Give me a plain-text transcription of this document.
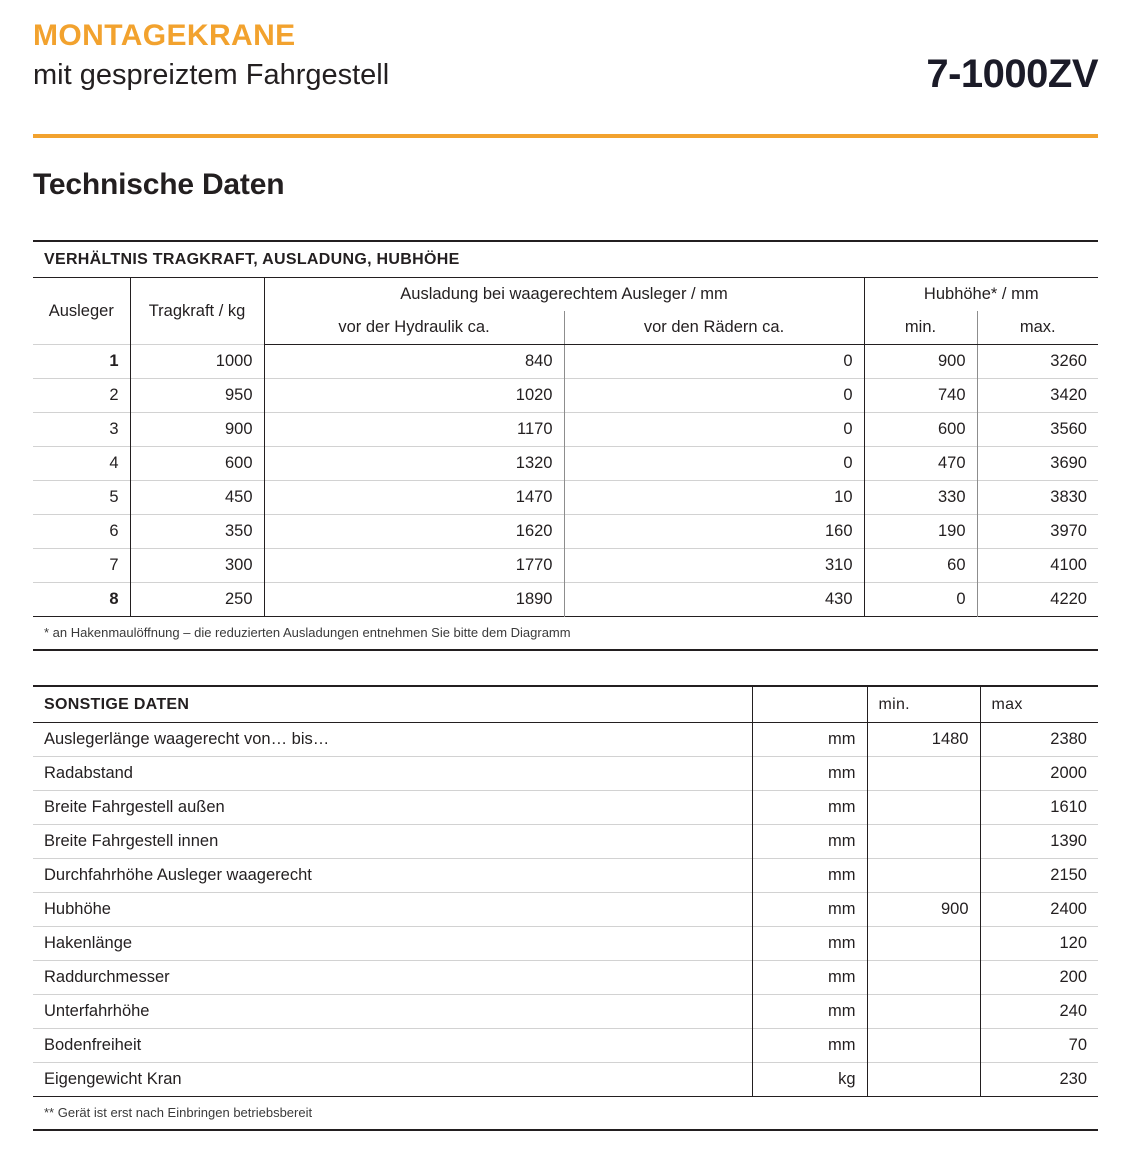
MONTAGEKRANE
mit gespreiztem Fahrgestell	7-1000ZV
Technische Daten
VERHÄLTNIS TRAGKRAFT, AUSLADUNG, HUBHÖHE					
Ausleger	Tragkraft / kg	Ausladung bei waagerechtem Ausleger / mm		Hubhöhe* / mm	
		vor der Hydraulik ca.	vor den Rädern ca.	min.	max.
1	1000	840	0	900	3260
2	950	1020	0	740	3420
3	900	1170	0	600	3560
4	600	1320	0	470	3690
5	450	1470	10	330	3830
6	350	1620	160	190	3970
7	300	1770	310	60	4100
8	250	1890	430	0	4220
* an Hakenmaulöffnung – die reduzierten Ausladungen entnehmen Sie bitte dem Diagramm					
SONSTIGE DATEN		min.	max
Auslegerlänge waagerecht von… bis…	mm	1480	2380
Radabstand	mm		2000
Breite Fahrgestell außen	mm		1610
Breite Fahrgestell innen	mm		1390
Durchfahrhöhe Ausleger waagerecht	mm		2150
Hubhöhe	mm	900	2400
Hakenlänge	mm		120
Raddurchmesser	mm		200
Unterfahrhöhe	mm		240
Bodenfreiheit	mm		70
Eigengewicht Kran	kg		230
** Gerät ist erst nach Einbringen betriebsbereit			
